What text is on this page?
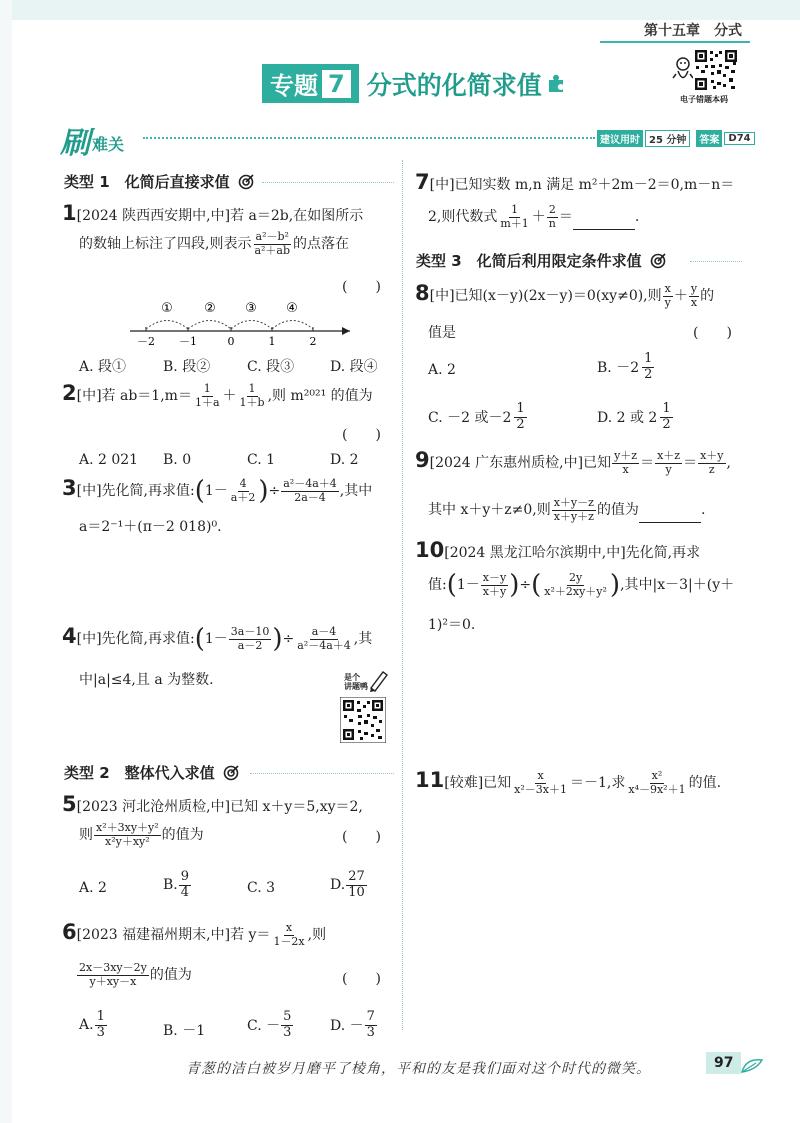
第十五章　分式
专题 7 分式的化简求值	电子错题本码
刷 难关	建议用时 25 分钟	答案 D74
类型 1　化简后直接求值
1[2024 陕西西安期中,中]若 a＝2b,在如图所示
的数轴上标注了四段,则表示 $\frac{\text{a²－b²}}{\text{a²＋ab}}$ 的点落在
(　　)
① ② ③ ④
－2 －1	0	1	2
A. 段①	B. 段②	C. 段③	D. 段④
2[中]若 $ab=1,m= \frac{1}{1+a} + \frac{1}{1+b}$ ,则 m²⁰²¹ 的值为
(　　)
A. 2 021 B. 0	C. 1	D. 2
3[中]先化简,再求值:(1－ $\frac{4}{a+2}$ )÷ $\frac{\text{a²－4a＋4}}{2a-4}$ ,其中
a＝2⁻¹＋(π－2 018)⁰.
4[中]先化简,再求值:(1－ $\frac{3a-10}{a-2}$ )÷ $\frac{a-4}{\text{a²－4a＋4}}$ ,其
中|a|≤4,且 a 为整数.	是个
讲题鸭
类型 2　整体代入求值
5[2023 河北沧州质检,中]已知 x＋y＝5,xy＝2,
则 $\frac{\text{x²＋3xy＋y²}}{\text{x²y＋xy²}}$ 的值为	(　　)
A. 2	B. $\frac{9}{4}$	C. 3	D. $\frac{27}{10}$
6[2023 福建福州期末,中]若 $y= \frac{x}{1-2x}$ ,则
$\frac{2x-3xy-2y}{y+xy-x}$ 的值为	(　　)
A. $\frac{1}{3}$	B. －1	C. － $\frac{5}{3}$	D. － $\frac{7}{3}$
7[中]已知实数 m,n 满足 m²＋2m－2＝0,m－n＝
2,则代数式 $\frac{1}{m+1} + \frac{2}{n}$ ＝	.
类型 3　化简后利用限定条件求值
8[中]已知(x－y)(2x－y)＝0(xy≠0),则 $\frac{x}{y} + \frac{y}{x}$ 的
值是	(　　)
A. 2	B. $-2 \frac{1}{2}$
C. －2 或$-2 \frac{1}{2}$	D. 2 或 $2 \frac{1}{2}$
9[2024 广东惠州质检,中]已知 $\frac{y+z}{x} = \frac{x+z}{y} = \frac{x+y}{z}$ ,
其中 x＋y＋z≠0,则 $\frac{x+y-z}{x+y+z}$ 的值为	.
10[2024 黑龙江哈尔滨期中,中]先化简,再求
值:(1－ $\frac{x-y}{x+y}$ )÷( $\frac{2y}{\text{x²＋2xy＋y²}}$ ),其中|x－3|＋(y＋
1)²＝0.
11[较难]已知 $\frac{x}{\text{x²－3x＋1}} =-1$,求 $\frac{\text{x²}}{\text{x⁴－9x²＋1}}$ 的值.
青葱的洁白被岁月磨平了棱角，平和的友是我们面对这个时代的微笑。	97
